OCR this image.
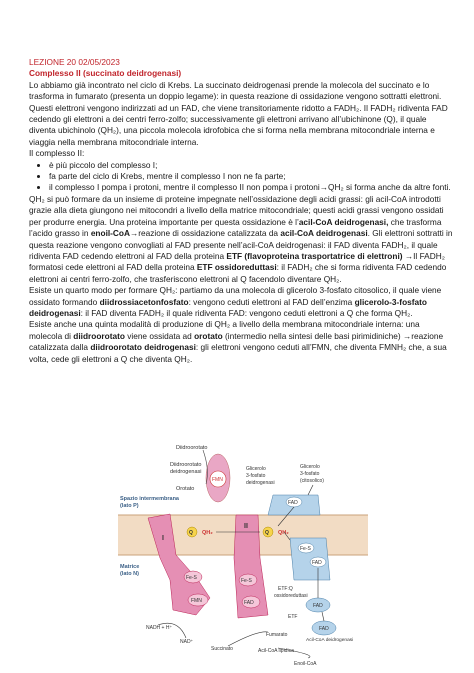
LEZIONE 20 02/05/2023

Complesso II (succinato deidrogenasi)

Lo abbiamo già incontrato nel ciclo di Krebs. La succinato deidrogenasi prende la molecola del succinato e lo trasforma in fumarato (presenta un doppio legame): in questa reazione di ossidazione vengono sottratti elettroni. Questi elettroni vengono indirizzati ad un FAD, che viene transitoriamente ridotto a FADH₂. Il FADH₂ ridiventa FAD cedendo gli elettroni a dei centri ferro-zolfo; successivamente gli elettroni arrivano all’ubichinone (Q), il quale diventa ubichinolo (QH₂), una piccola molecola idrofobica che si forma nella membrana mitocondriale interna e viaggia nella membrana mitocondriale interna.

Il complesso II:

• è più piccolo del complesso I;
• fa parte del ciclo di Krebs, mentre il complesso I non ne fa parte;
• il complesso I pompa i protoni, mentre il complesso II non pompa i protoni→QH₂ si forma anche da altre fonti.

QH₂ si può formare da un insieme di proteine impegnate nell’ossidazione degli acidi grassi: gli acil-CoA introdotti grazie alla dieta giungono nei mitocondri a livello della matrice mitocondriale; questi acidi grassi vengono ossidati per produrre energia. Una proteina importante per questa ossidazione è l’acil-CoA deidrogenasi, che trasforma l’acido grasso in enoil-CoA→reazione di ossidazione catalizzata da acil-CoA deidrogenasi. Gli elettroni sottratti in questa reazione vengono convogliati al FAD presente nell’acil-CoA deidrogenasi: il FAD diventa FADH₂, il quale ridiventa FAD cedendo elettroni al FAD della proteina ETF (flavoproteina trasportatrice di elettroni) →Il FADH₂ formatosi cede elettroni al FAD della proteina ETF ossidoreduttasi: il FADH₂ che si forma ridiventa FAD cedendo elettroni ai centri ferro-zolfo, che trasferiscono elettroni al Q facendolo diventare QH₂.

Esiste un quarto modo per formare QH₂: partiamo da una molecola di glicerolo 3-fosfato citosolico, il quale viene ossidato formando diidrossiacetonfosfato: vengono ceduti elettroni al FAD dell’enzima glicerolo-3-fosfato deidrogenasi: il FAD diventa FADH₂ il quale ridiventa FAD: vengono ceduti elettroni a Q che forma QH₂.

Esiste anche una quinta modalità di produzione di QH₂ a livello della membrana mitocondriale interna: una molecola di diidroorotato viene ossidata ad orotato (intermedio nella sintesi delle basi pirimidiniche) →reazione catalizzata dalla diidroorotato deidrogenasi: gli elettroni vengono ceduti all’FMN, che diventa FMNH₂ che, a sua volta, cede gli elettroni a Q che diventa QH₂.

Spazio intermembrana
(lato P)
Matrice
(lato N)
Diidroorotato
Diidroorotato
deidrogenasi
Orotato
FMN
I
Fe-S
FMN
NADH + H⁺
NAD⁺
Q QH₂
II
Fe-S
FAD
Succinato
Fumarato
Glicerolo
3-fosfato
deidrogenasi
Glicerolo
3-fosfato
(citosolico)
FAD
Q QH₂
Fe-S
FAD
ETF:Q
ossidoreduttasi
FAD
ETF
FAD
Acil-CoA deidrogenasi
Acil-CoA lipidica
Enoil-CoA
